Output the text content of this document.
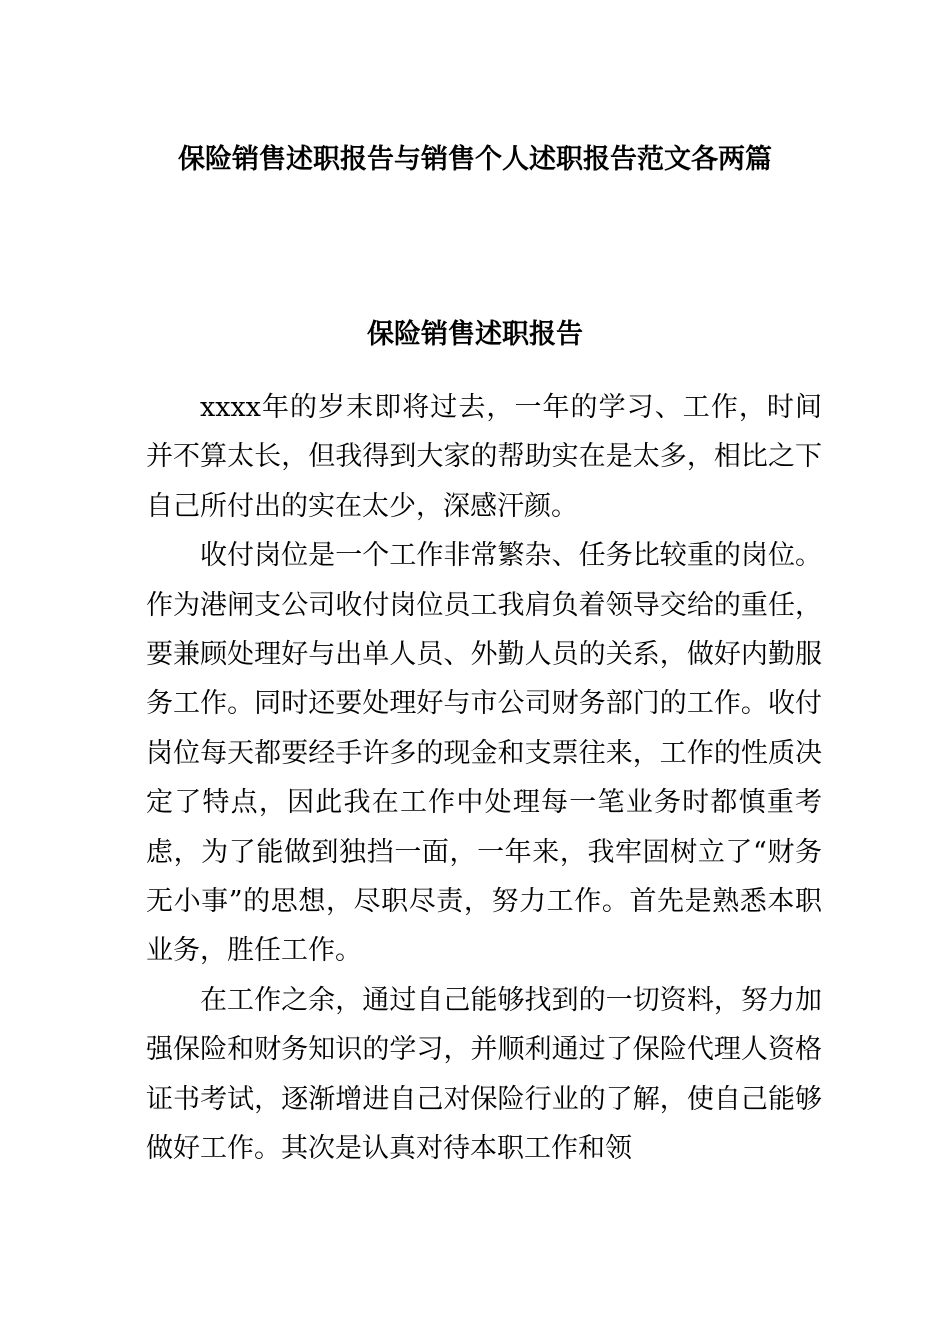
保险销售述职报告与销售个人述职报告范文各两篇
保险销售述职报告

xxxx年的岁末即将过去，一年的学习、工作，时间并不算太长，但我得到大家的帮助实在是太多，相比之下自己所付出的实在太少，深感汗颜。

收付岗位是一个工作非常繁杂、任务比较重的岗位。作为港闸支公司收付岗位员工我肩负着领导交给的重任，要兼顾处理好与出单人员、外勤人员的关系，做好内勤服务工作。同时还要处理好与市公司财务部门的工作。收付岗位每天都要经手许多的现金和支票往来，工作的性质决定了特点，因此我在工作中处理每一笔业务时都慎重考虑，为了能做到独挡一面，一年来，我牢固树立了“财务无小事”的思想，尽职尽责，努力工作。首先是熟悉本职业务，胜任工作。

在工作之余，通过自己能够找到的一切资料，努力加强保险和财务知识的学习，并顺利通过了保险代理人资格证书考试，逐渐增进自己对保险行业的了解，使自己能够做好工作。其次是认真对待本职工作和领
